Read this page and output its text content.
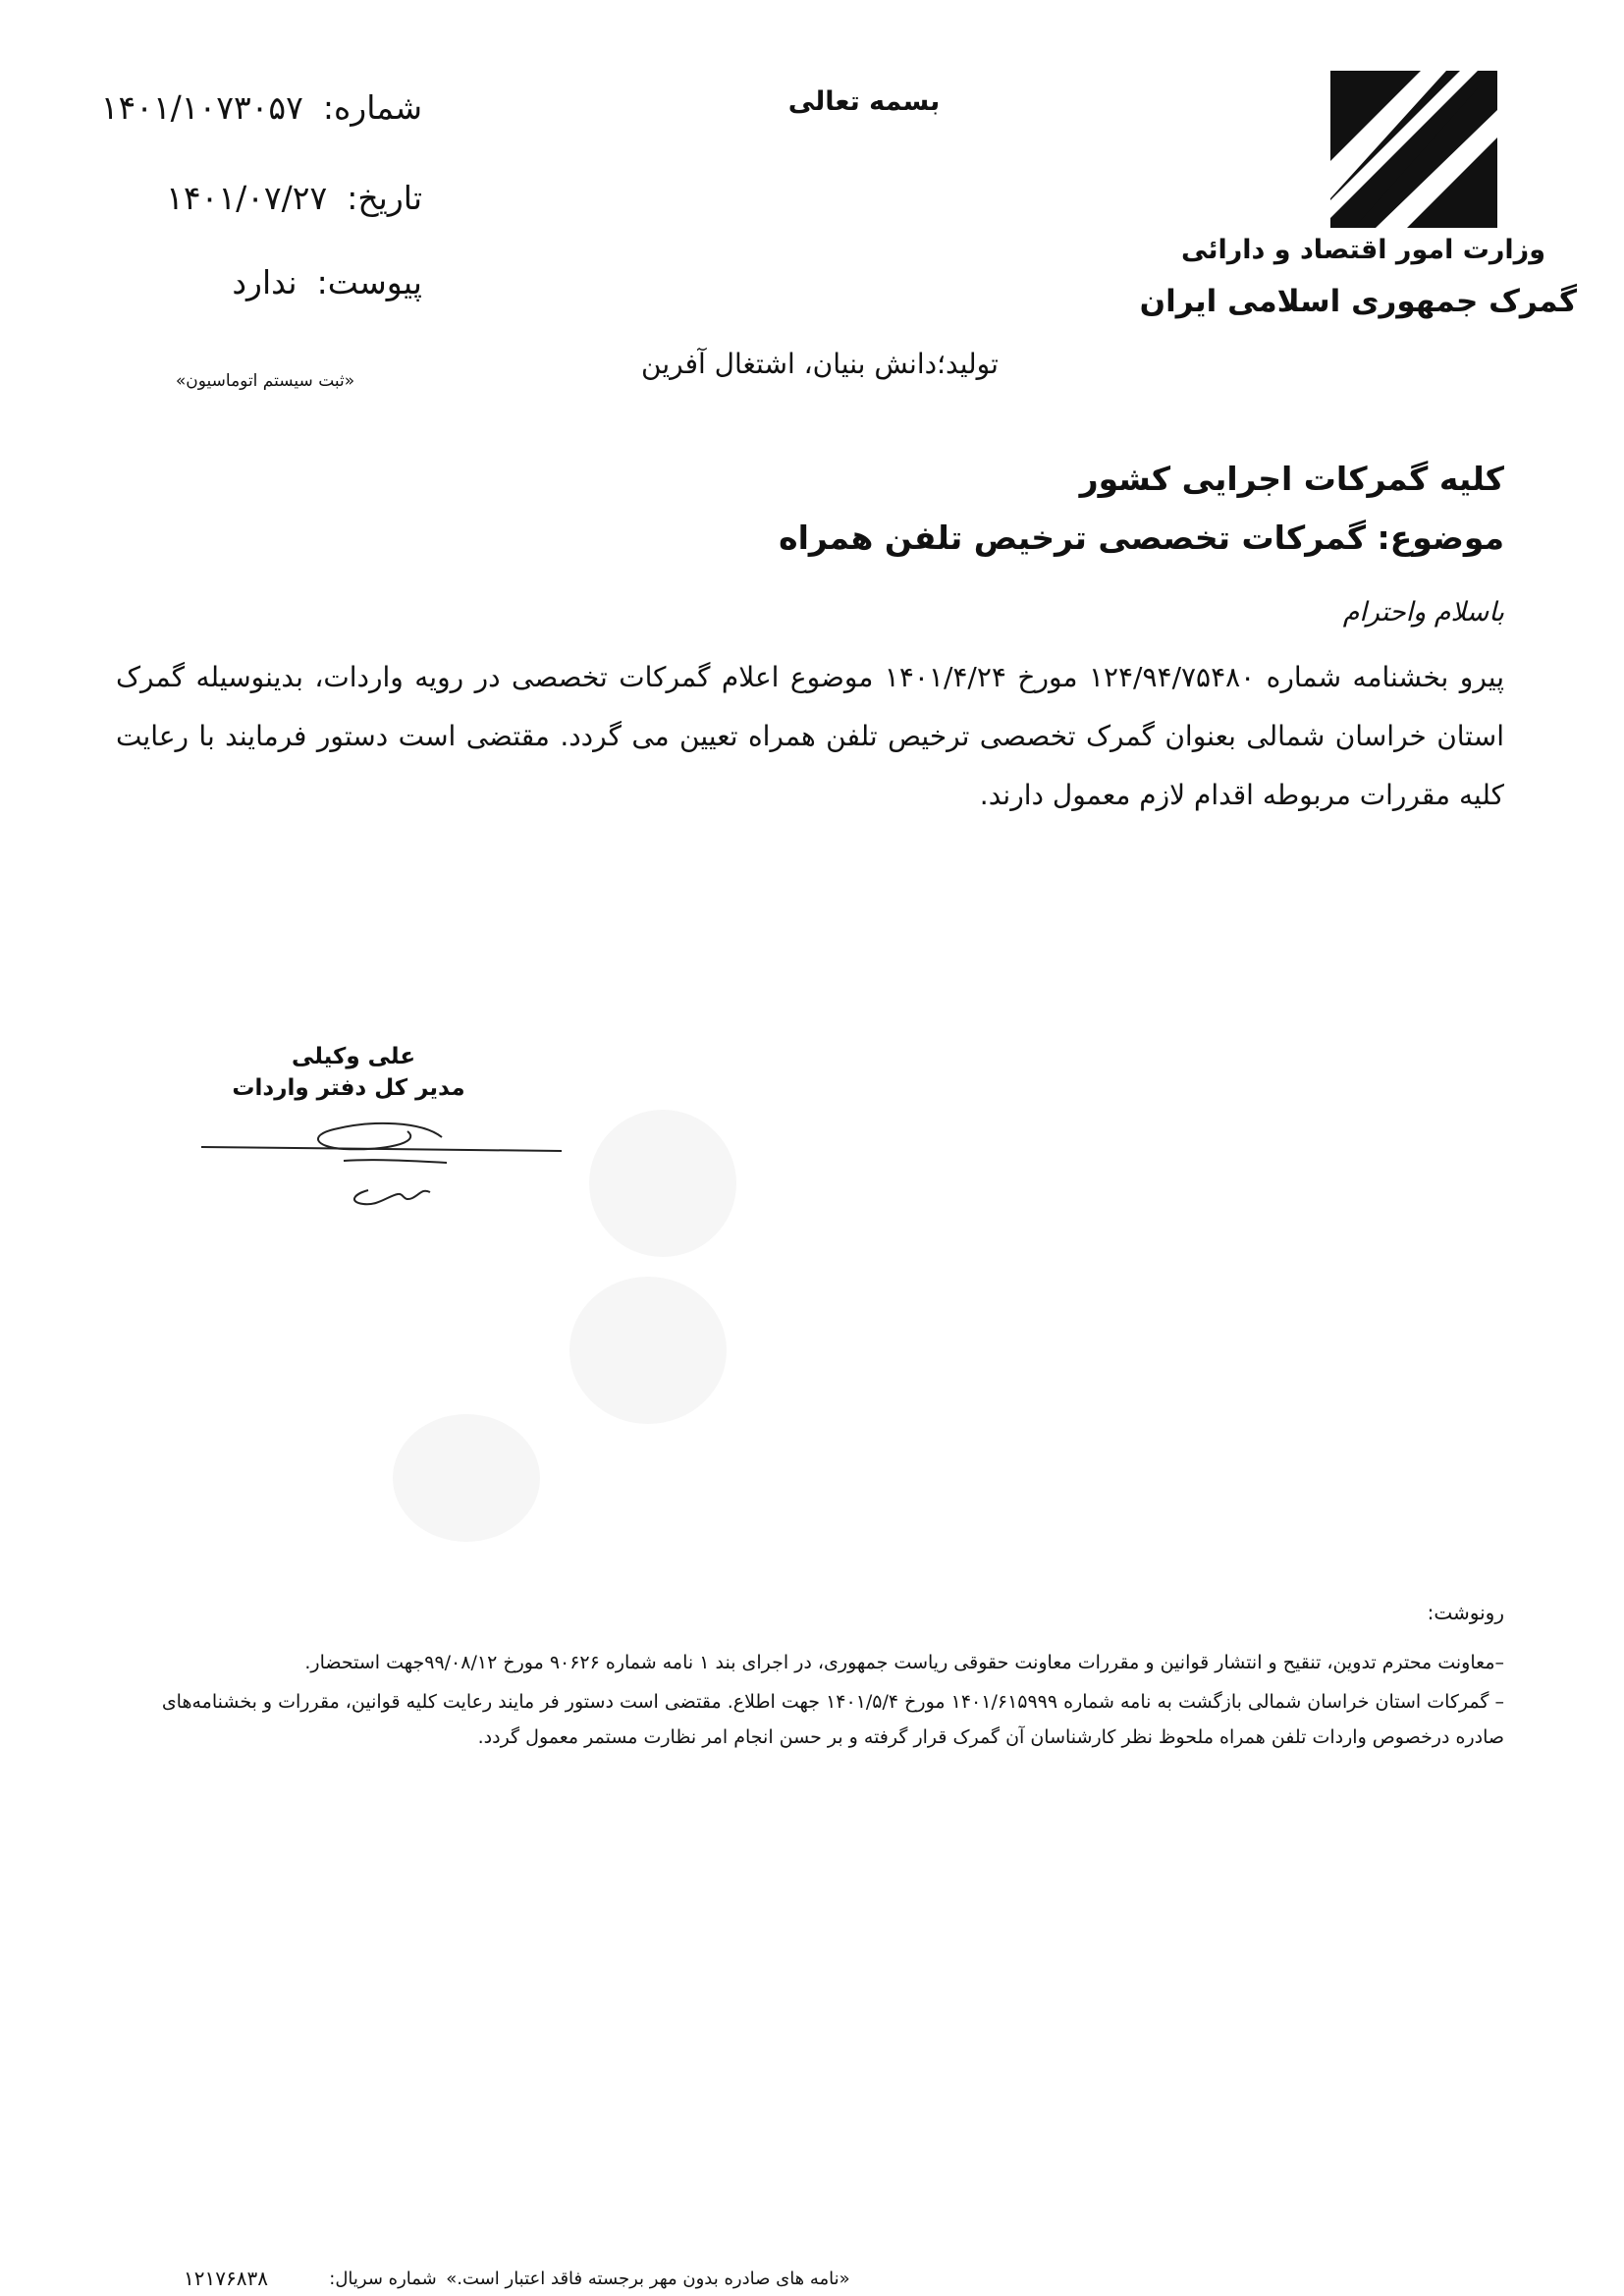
وزارت امور اقتصاد و دارائی
گمرک جمهوری اسلامی ایران
بسمه تعالی
شماره:۱۴۰۱/۱۰۷۳۰۵۷
تاریخ:۱۴۰۱/۰۷/۲۷
پیوست:ندارد
«ثبت سیستم اتوماسیون»
تولید؛دانش بنیان، اشتغال آفرین
کلیه گمرکات اجرایی کشور
موضوع: گمرکات تخصصی ترخیص تلفن همراه
باسلام واحترام
پیرو بخشنامه شماره ۱۲۴/۹۴/۷۵۴۸۰ مورخ ۱۴۰۱/۴/۲۴ موضوع اعلام گمرکات تخصصی در رویه واردات، بدینوسیله گمرک استان خراسان شمالی بعنوان گمرک تخصصی ترخیص تلفن همراه تعیین می گردد. مقتضی است دستور فرمایند با رعایت کلیه مقررات مربوطه اقدام لازم معمول دارند.
علی وکیلی
مدیر کل دفتر واردات
رونوشت:
–معاونت محترم تدوین، تنقیح و انتشار قوانین و مقررات معاونت حقوقی ریاست جمهوری، در اجرای بند ۱ نامه شماره ۹۰۶۲۶ مورخ ۹۹/۰۸/۱۲جهت استحضار.
– گمرکات استان خراسان شمالی بازگشت به نامه شماره ۱۴۰۱/۶۱۵۹۹۹ مورخ ۱۴۰۱/۵/۴ جهت اطلاع. مقتضی است دستور فر مایند رعایت کلیه قوانین، مقررات و بخشنامه‌های صادره درخصوص واردات تلفن همراه ملحوظ نظر کارشناسان آن گمرک قرار گرفته و بر حسن انجام امر نظارت مستمر معمول گردد.
«نامه های صادره بدون مهر برجسته فاقد اعتبار است.»
شماره سریال:
۱۲۱۷۶۸۳۸
